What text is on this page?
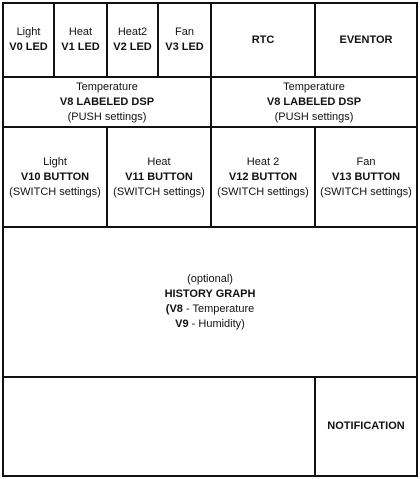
Light
V0 LED
Heat
V1 LED
Heat2
V2 LED
Fan
V3 LED
RTC	EVENTOR
Temperature
V8 LABELED DSP
(PUSH settings)
Temperature
V8 LABELED DSP
(PUSH settings)
Light
V10 BUTTON
(SWITCH settings)
Heat
V11 BUTTON
(SWITCH settings)
Heat 2
V12 BUTTON
(SWITCH settings)
Fan
V13 BUTTON
(SWITCH settings)
(optional)
HISTORY GRAPH
(V8 - Temperature
V9 - Humidity)
NOTIFICATION
